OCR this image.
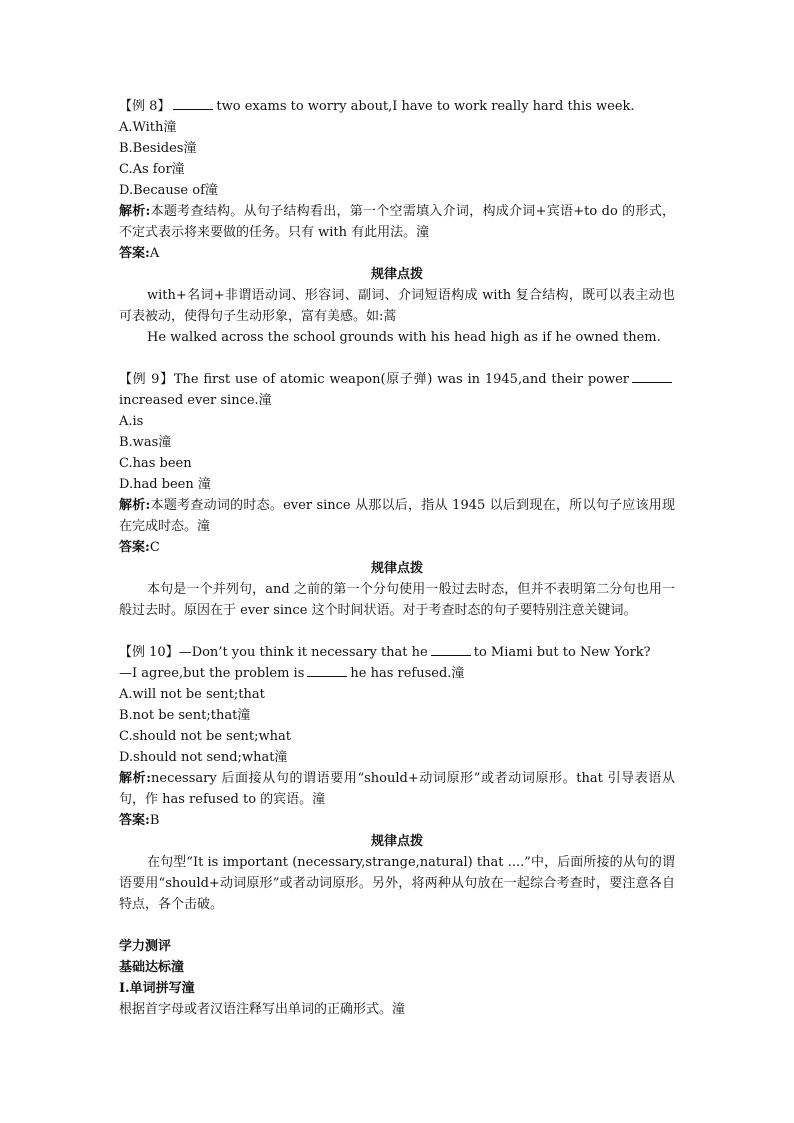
【例 8】	two exams to worry about,I have to work really hard this week.
A.With潼
B.Besides潼
C.As for潼
D.Because of潼
解析:本题考查结构。从句子结构看出，第一个空需填入介词，构成介词+宾语+to do 的形式，不定式表示将来要做的任务。只有 with 有此用法。潼
答案:A
规律点拨
with+名词+非谓语动词、形容词、副词、介词短语构成 with 复合结构，既可以表主动也可表被动，使得句子生动形象，富有美感。如:蒿
He walked across the school grounds with his head high as if he owned them.
【例 9】The first use of atomic weapon(原子弹) was in 1945,and their powerincreased ever since.潼
A.is
B.was潼
C.has been
D.had been 潼
解析:本题考查动词的时态。ever since 从那以后，指从 1945 以后到现在，所以句子应该用现在完成时态。潼
答案:C
规律点拨
本句是一个并列句，and 之前的第一个分句使用一般过去时态，但并不表明第二分句也用一般过去时。原因在于 ever since 这个时间状语。对于考查时态的句子要特别注意关键词。
【例 10】—Don’t you think it necessary that he	to Miami but to New York?
—I agree,but the problem is	he has refused.潼
A.will not be sent;that
B.not be sent;that潼
C.should not be sent;what
D.should not send;what潼
解析:necessary 后面接从句的谓语要用“should+动词原形”或者动词原形。that 引导表语从句，作 has refused to 的宾语。潼
答案:B
规律点拨
在句型“It is important (necessary,strange,natural) that ....”中，后面所接的从句的谓语要用“should+动词原形”或者动词原形。另外，将两种从句放在一起综合考查时，要注意各自特点，各个击破。
学力测评
基础达标潼
Ⅰ.单词拼写潼
根据首字母或者汉语注释写出单词的正确形式。潼
